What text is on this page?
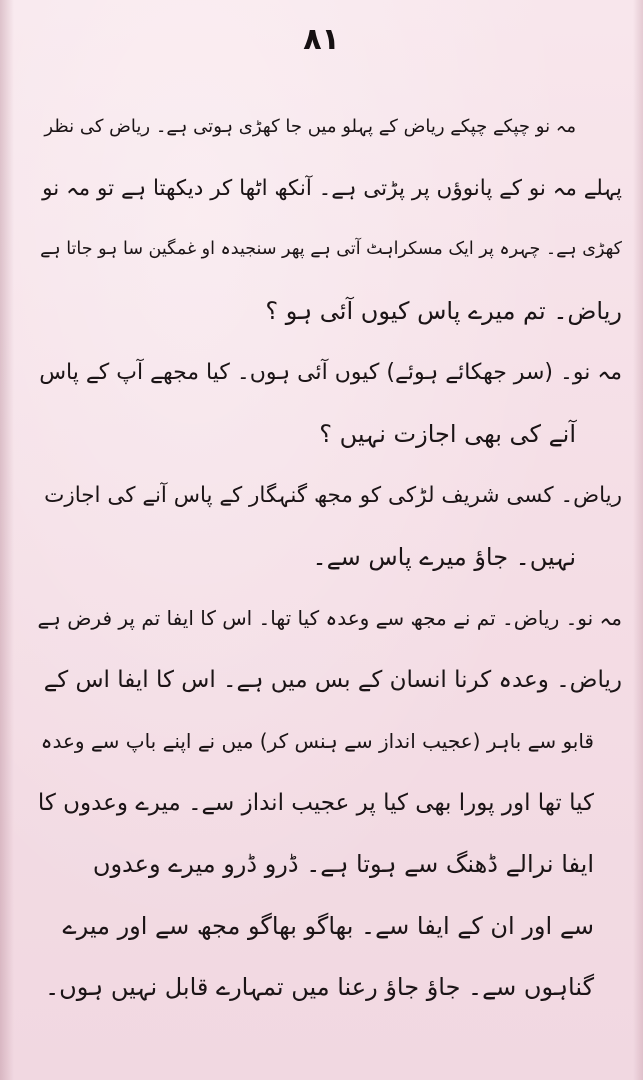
۸۱
مہ نو چپکے چپکے ریاض کے پہلو میں جا کھڑی ہوتی ہے۔ ریاض کی نظر
پہلے مہ نو کے پانوؤں پر پڑتی ہے۔ آنکھ اٹھا کر دیکھتا ہے تو مہ نو
کھڑی ہے۔ چہرہ پر ایک مسکراہٹ آتی ہے پھر سنجیدہ او غمگین سا ہو جاتا ہے
ریاض۔ تم میرے پاس کیوں آئی ہو ؟
مہ نو۔ (سر جھکائے ہوئے) کیوں آئی ہوں۔ کیا مجھے آپ کے پاس
آنے کی بھی اجازت نہیں ؟
ریاض۔ کسی شریف لڑکی کو مجھ گنہگار کے پاس آنے کی اجازت
نہیں۔ جاؤ میرے پاس سے۔
مہ نو۔ ریاض۔ تم نے مجھ سے وعدہ کیا تھا۔ اس کا ایفا تم پر فرض ہے
ریاض۔ وعدہ کرنا انسان کے بس میں ہے۔ اس کا ایفا اس کے
قابو سے باہر (عجیب انداز سے ہنس کر) میں نے اپنے باپ سے وعدہ
کیا تھا اور پورا بھی کیا پر عجیب انداز سے۔ میرے وعدوں کا
ایفا نرالے ڈھنگ سے ہوتا ہے۔ ڈرو ڈرو میرے وعدوں
سے اور ان کے ایفا سے۔ بھاگو بھاگو مجھ سے اور میرے
گناہوں سے۔ جاؤ جاؤ رعنا میں تمہارے قابل نہیں ہوں۔
